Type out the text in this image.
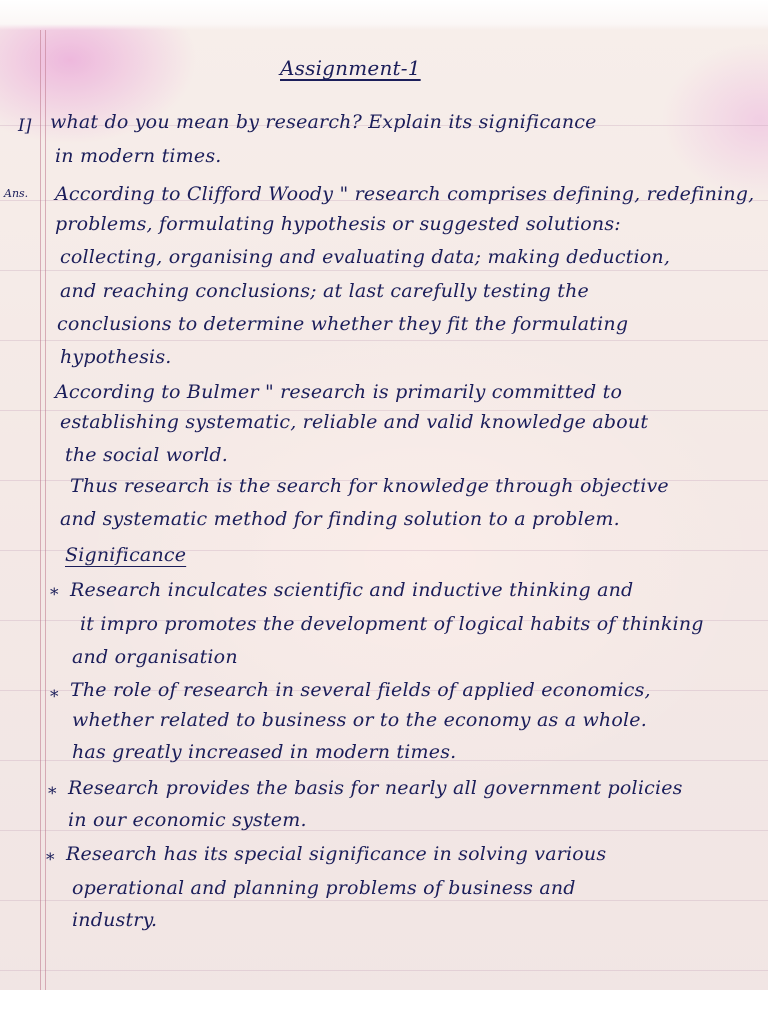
Assignment-1
I] what do you mean by research? Explain its significance
in modern times.
Ans. According to Clifford Woody " research comprises defining, redefining,
problems, formulating hypothesis or suggested solutions:
collecting, organising and evaluating data; making deduction,
and reaching conclusions; at last carefully testing the
conclusions to determine whether they fit the formulating
hypothesis.
According to Bulmer " research is primarily committed to
establishing systematic, reliable and valid knowledge about
the social world.
Thus research is the search for knowledge through objective
and systematic method for finding solution to a problem.
Significance
* Research inculcates scientific and inductive thinking and
it impro promotes the development of logical habits of thinking
and organisation
* The role of research in several fields of applied economics,
whether related to business or to the economy as a whole.
has greatly increased in modern times.
* Research provides the basis for nearly all government policies
in our economic system.
* Research has its special significance in solving various
operational and planning problems of business and
industry.
